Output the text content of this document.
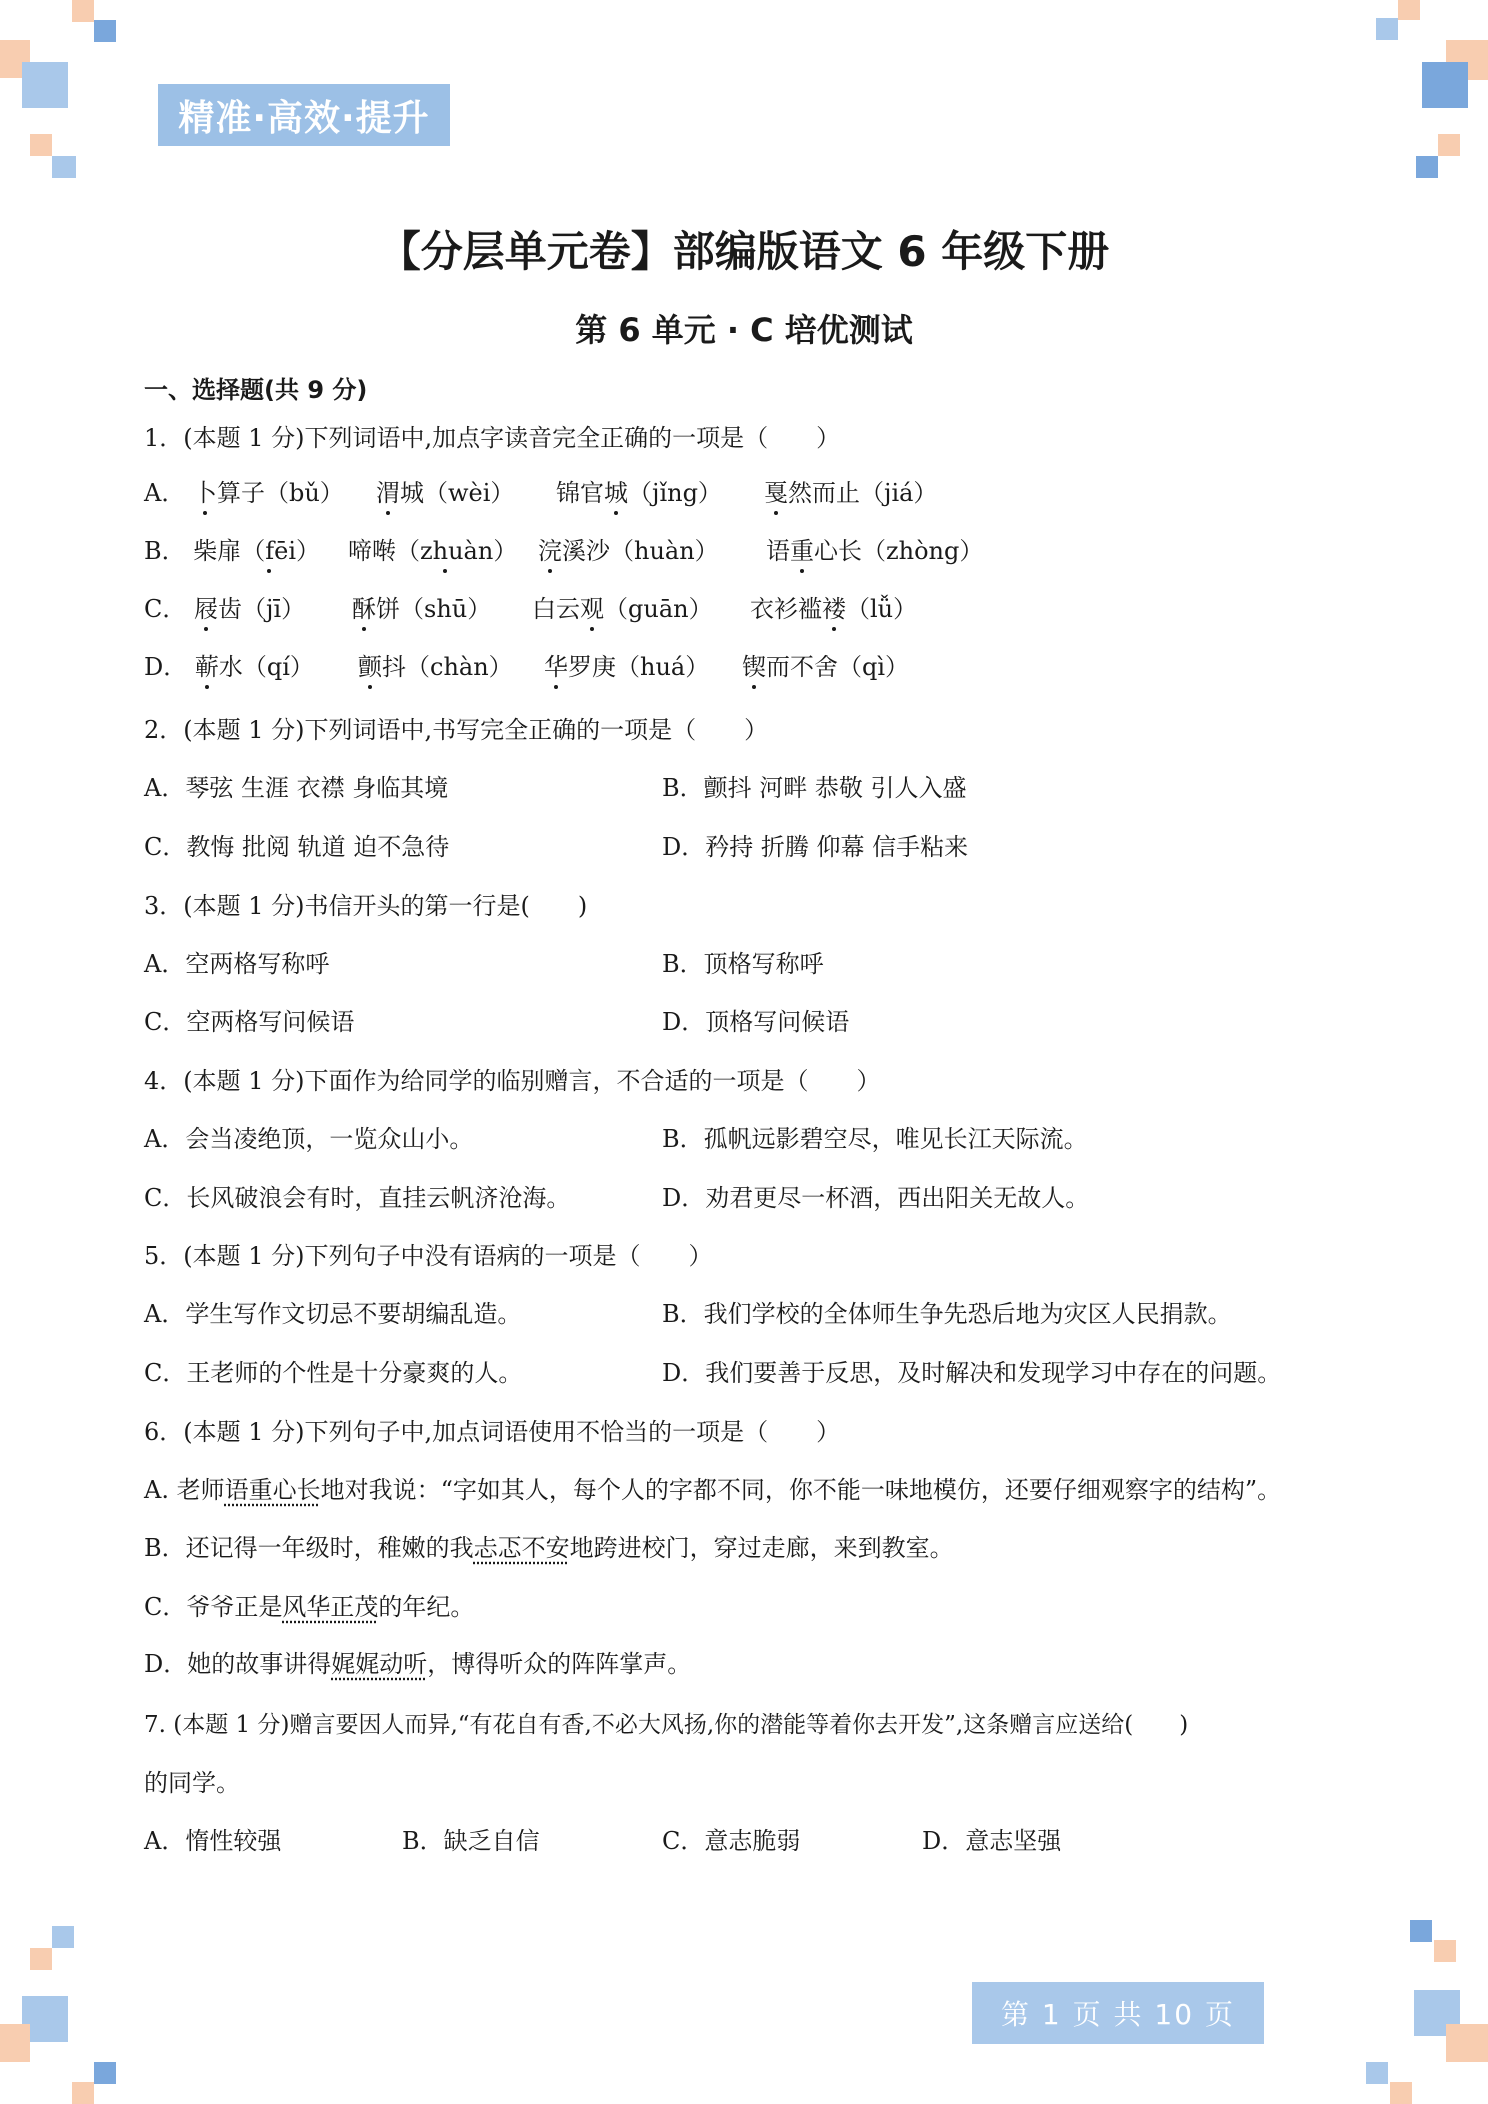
精准·高效·提升
【分层单元卷】部编版语文 6 年级下册
第 6 单元 · C 培优测试
一、选择题(共 9 分)
1．(本题 1 分)下列词语中,加点字读音完全正确的一项是（　　）
A． 卜算子（bǔ） 渭城（wèi） 锦官城（jǐng） 戛然而止（jiá）
B． 柴扉（fēi） 啼啭（zhuàn） 浣溪沙（huàn） 语重心长（zhòng）
C． 屐齿（jī） 酥饼（shū） 白云观（guān） 衣衫褴褛（lǚ）
D． 蕲水（qí） 颤抖（chàn） 华罗庚（huá） 锲而不舍（qì）
2．(本题 1 分)下列词语中,书写完全正确的一项是（　　）
A．琴弦 生涯 衣襟 身临其境	B．颤抖 河畔 恭敬 引人入盛
C．教悔 批阅 轨道 迫不急待	D．矜持 折腾 仰幕 信手粘来
3．(本题 1 分)书信开头的第一行是(　　)
A．空两格写称呼	B．顶格写称呼
C．空两格写问候语	D．顶格写问候语
4．(本题 1 分)下面作为给同学的临别赠言，不合适的一项是（　　）
A．会当凌绝顶，一览众山小。	B．孤帆远影碧空尽，唯见长江天际流。
C．长风破浪会有时，直挂云帆济沧海。	D．劝君更尽一杯酒，西出阳关无故人。
5．(本题 1 分)下列句子中没有语病的一项是（　　）
A．学生写作文切忌不要胡编乱造。	B．我们学校的全体师生争先恐后地为灾区人民捐款。
C．王老师的个性是十分豪爽的人。	D．我们要善于反思，及时解决和发现学习中存在的问题。
6．(本题 1 分)下列句子中,加点词语使用不恰当的一项是（　　）
A. 老师语重心长地对我说：“字如其人，每个人的字都不同，你不能一味地模仿，还要仔细观察字的结构”。
B．还记得一年级时，稚嫩的我忐忑不安地跨进校门，穿过走廊，来到教室。
C．爷爷正是风华正茂的年纪。
D．她的故事讲得娓娓动听，博得听众的阵阵掌声。
7. (本题 1 分)赠言要因人而异,“有花自有香,不必大风扬,你的潜能等着你去开发”,这条赠言应送给(　　)
的同学。
A．惰性较强	B．缺乏自信	C．意志脆弱	D．意志坚强
第 1 页 共 10 页
